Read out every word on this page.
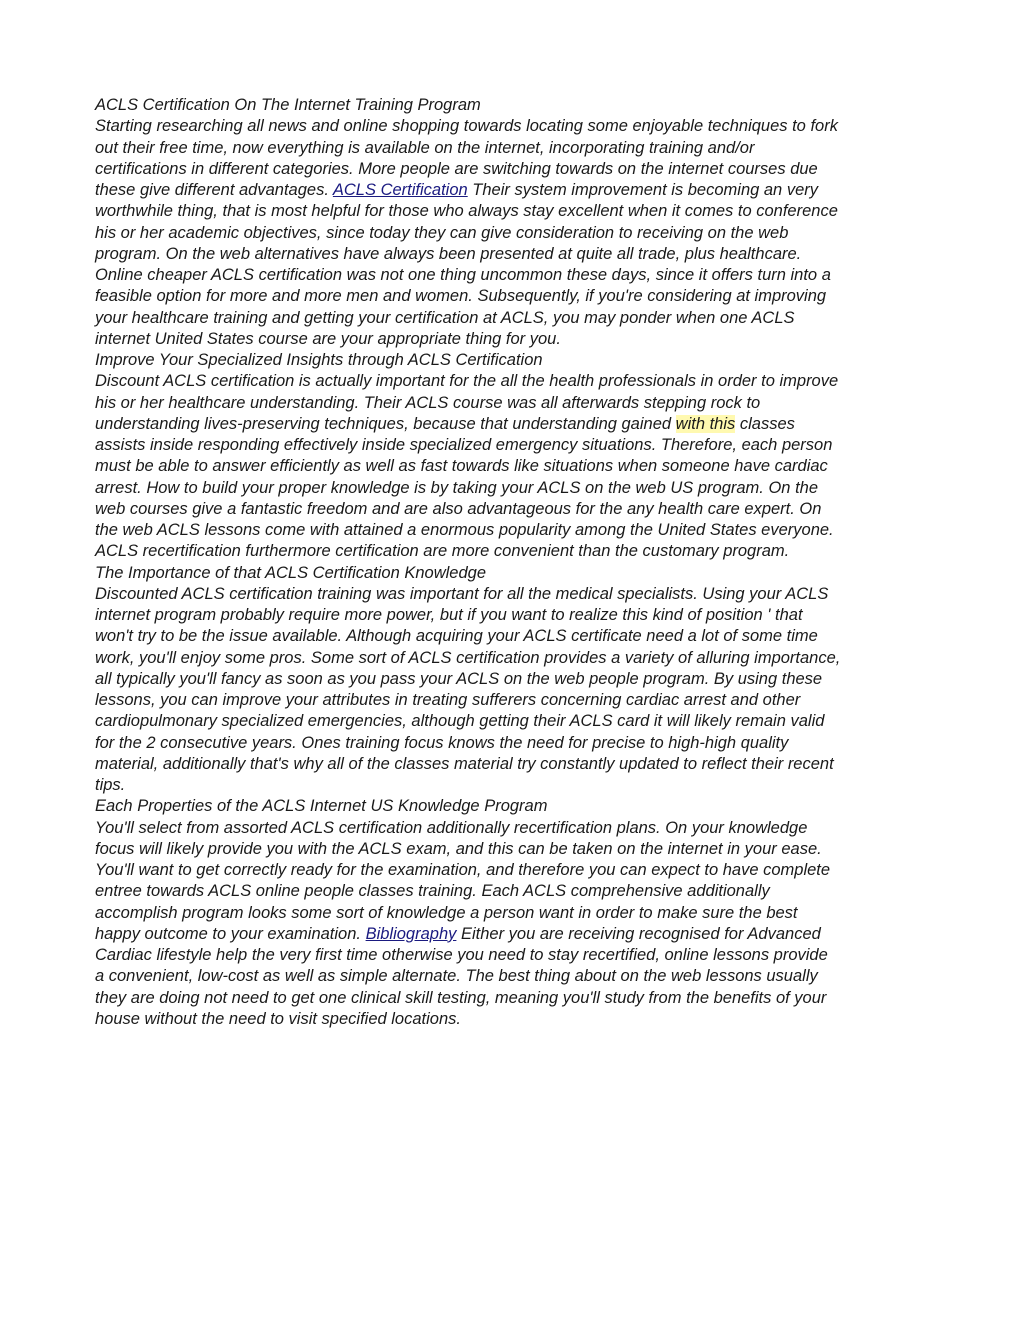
ACLS Certification On The Internet Training Program
Starting researching all news and online shopping towards locating some enjoyable techniques to fork
out their free time, now everything is available on the internet, incorporating training and/or
certifications in different categories. More people are switching towards on the internet courses due
these give different advantages. ACLS Certification Their system improvement is becoming an very
worthwhile thing, that is most helpful for those who always stay excellent when it comes to conference
his or her academic objectives, since today they can give consideration to receiving on the web
program. On the web alternatives have always been presented at quite all trade, plus healthcare.
Online cheaper ACLS certification was not one thing uncommon these days, since it offers turn into a
feasible option for more and more men and women. Subsequently, if you're considering at improving
your healthcare training and getting your certification at ACLS, you may ponder when one ACLS
internet United States course are your appropriate thing for you.
Improve Your Specialized Insights through ACLS Certification
Discount ACLS certification is actually important for the all the health professionals in order to improve
his or her healthcare understanding. Their ACLS course was all afterwards stepping rock to
understanding lives-preserving techniques, because that understanding gained with this classes
assists inside responding effectively inside specialized emergency situations. Therefore, each person
must be able to answer efficiently as well as fast towards like situations when someone have cardiac
arrest. How to build your proper knowledge is by taking your ACLS on the web US program. On the
web courses give a fantastic freedom and are also advantageous for the any health care expert. On
the web ACLS lessons come with attained a enormous popularity among the United States everyone.
ACLS recertification furthermore certification are more convenient than the customary program.
The Importance of that ACLS Certification Knowledge
Discounted ACLS certification training was important for all the medical specialists. Using your ACLS
internet program probably require more power, but if you want to realize this kind of position ' that
won't try to be the issue available. Although acquiring your ACLS certificate need a lot of some time
work, you'll enjoy some pros. Some sort of ACLS certification provides a variety of alluring importance,
all typically you'll fancy as soon as you pass your ACLS on the web people program. By using these
lessons, you can improve your attributes in treating sufferers concerning cardiac arrest and other
cardiopulmonary specialized emergencies, although getting their ACLS card it will likely remain valid
for the 2 consecutive years. Ones training focus knows the need for precise to high-high quality
material, additionally that's why all of the classes material try constantly updated to reflect their recent
tips.
Each Properties of the ACLS Internet US Knowledge Program
You'll select from assorted ACLS certification additionally recertification plans. On your knowledge
focus will likely provide you with the ACLS exam, and this can be taken on the internet in your ease.
You'll want to get correctly ready for the examination, and therefore you can expect to have complete
entree towards ACLS online people classes training. Each ACLS comprehensive additionally
accomplish program looks some sort of knowledge a person want in order to make sure the best
happy outcome to your examination. Bibliography Either you are receiving recognised for Advanced
Cardiac lifestyle help the very first time otherwise you need to stay recertified, online lessons provide
a convenient, low-cost as well as simple alternate. The best thing about on the web lessons usually
they are doing not need to get one clinical skill testing, meaning you'll study from the benefits of your
house without the need to visit specified locations.
